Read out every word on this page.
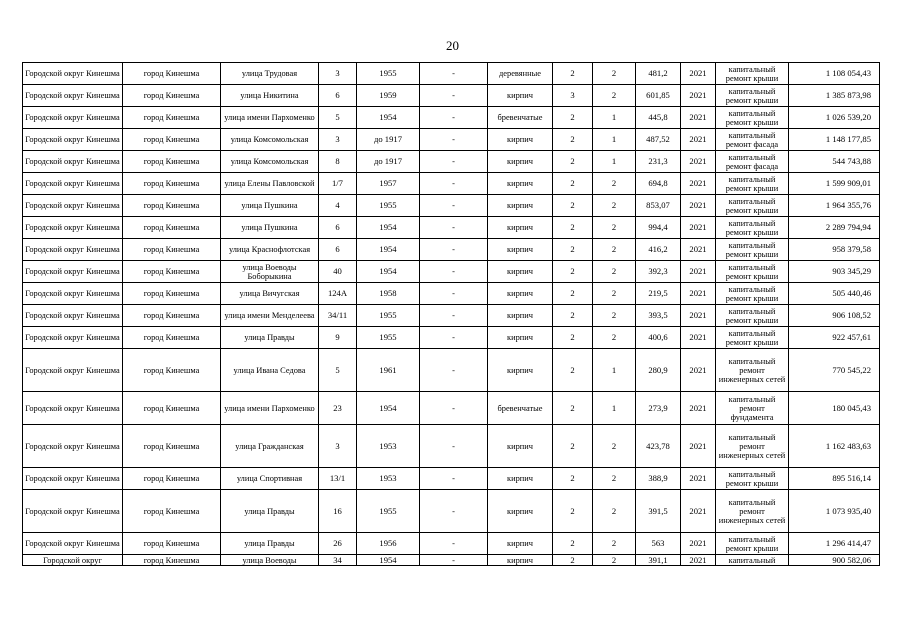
20
Городской округ Кинешма	город Кинешма	улица Трудовая	3	1955	-	деревянные	2	2	481,2	2021	капитальный ремонт крыши	1 108 054,43
Городской округ Кинешма	город Кинешма	улица Никитина	6	1959	-	кирпич	3	2	601,85	2021	капитальный ремонт крыши	1 385 873,98
Городской округ Кинешма	город Кинешма	улица имени Пархоменко	5	1954	-	бревенчатые	2	1	445,8	2021	капитальный ремонт крыши	1 026 539,20
Городской округ Кинешма	город Кинешма	улица Комсомольская	3	до 1917	-	кирпич	2	1	487,52	2021	капитальный ремонт фасада	1 148 177,85
Городской округ Кинешма	город Кинешма	улица Комсомольская	8	до 1917	-	кирпич	2	1	231,3	2021	капитальный ремонт фасада	544 743,88
Городской округ Кинешма	город Кинешма	улица Елены Павловской	1/7	1957	-	кирпич	2	2	694,8	2021	капитальный ремонт крыши	1 599 909,01
Городской округ Кинешма	город Кинешма	улица Пушкина	4	1955	-	кирпич	2	2	853,07	2021	капитальный ремонт крыши	1 964 355,76
Городской округ Кинешма	город Кинешма	улица Пушкина	6	1954	-	кирпич	2	2	994,4	2021	капитальный ремонт крыши	2 289 794,94
Городской округ Кинешма	город Кинешма	улица Краснофлотская	6	1954	-	кирпич	2	2	416,2	2021	капитальный ремонт крыши	958 379,58
Городской округ Кинешма	город Кинешма	улица Воеводы Боборыкина	40	1954	-	кирпич	2	2	392,3	2021	капитальный ремонт крыши	903 345,29
Городской округ Кинешма	город Кинешма	улица Вичугская	124А	1958	-	кирпич	2	2	219,5	2021	капитальный ремонт крыши	505 440,46
Городской округ Кинешма	город Кинешма	улица имени Менделеева	34/11	1955	-	кирпич	2	2	393,5	2021	капитальный ремонт крыши	906 108,52
Городской округ Кинешма	город Кинешма	улица Правды	9	1955	-	кирпич	2	2	400,6	2021	капитальный ремонт крыши	922 457,61
Городской округ Кинешма	город Кинешма	улица Ивана Седова	5	1961	-	кирпич	2	1	280,9	2021	капитальный ремонт инженерных сетей	770 545,22
Городской округ Кинешма	город Кинешма	улица имени Пархоменко	23	1954	-	бревенчатые	2	1	273,9	2021	капитальный ремонт фундамента	180 045,43
Городской округ Кинешма	город Кинешма	улица Гражданская	3	1953	-	кирпич	2	2	423,78	2021	капитальный ремонт инженерных сетей	1 162 483,63
Городской округ Кинешма	город Кинешма	улица Спортивная	13/1	1953	-	кирпич	2	2	388,9	2021	капитальный ремонт крыши	895 516,14
Городской округ Кинешма	город Кинешма	улица Правды	16	1955	-	кирпич	2	2	391,5	2021	капитальный ремонт инженерных сетей	1 073 935,40
Городской округ Кинешма	город Кинешма	улица Правды	26	1956	-	кирпич	2	2	563	2021	капитальный ремонт крыши	1 296 414,47
Городской округ	город Кинешма	улица Воеводы	34	1954	-	кирпич	2	2	391,1	2021	капитальный	900 582,06
